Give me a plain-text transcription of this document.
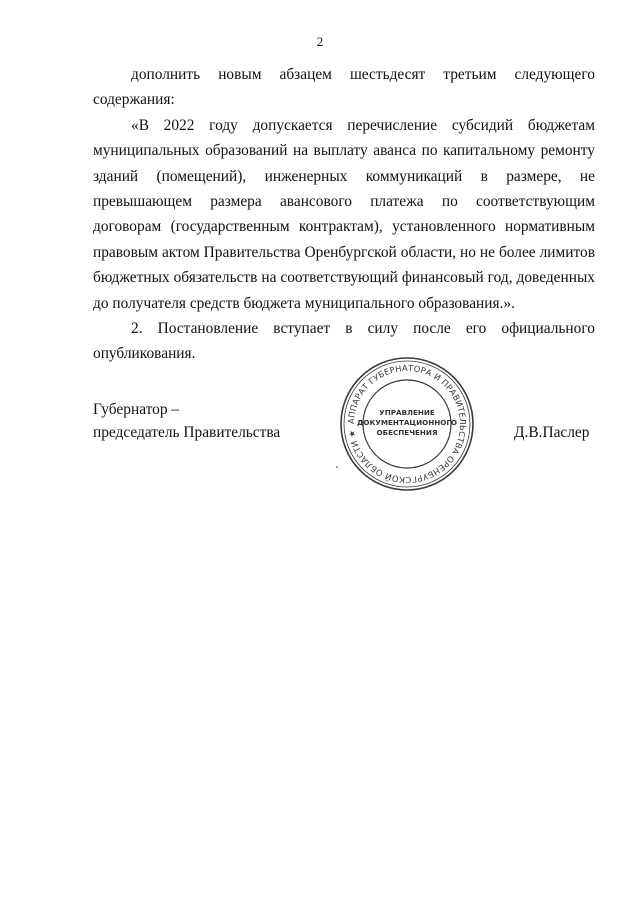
2

дополнить новым абзацем шестьдесят третьим следующего содержания:

«В 2022 году допускается перечисление субсидий бюджетам муниципальных образований на выплату аванса по капитальному ремонту зданий (помещений), инженерных коммуникаций в размере, не превышающем размера авансового платежа по соответствующим договорам (государственным контрактам), установленного нормативным правовым актом Правительства Оренбургской области, но не более лимитов бюджетных обязательств на соответствующий финансовый год, доведенных до получателя средств бюджета муниципального образования.».

2. Постановление вступает в силу после его официального опубликования.

Губернатор –
председатель Правительства	Д.В.Паслер
АППАРАТ ГУБЕРНАТОРА И ПРАВИТЕЛЬСТВА ОРЕНБУРГСКОЙ ОБЛАСТИ ★
УПРАВЛЕНИЕ
ДОКУМЕНТАЦИОННОГО
ОБЕСПЕЧЕНИЯ
